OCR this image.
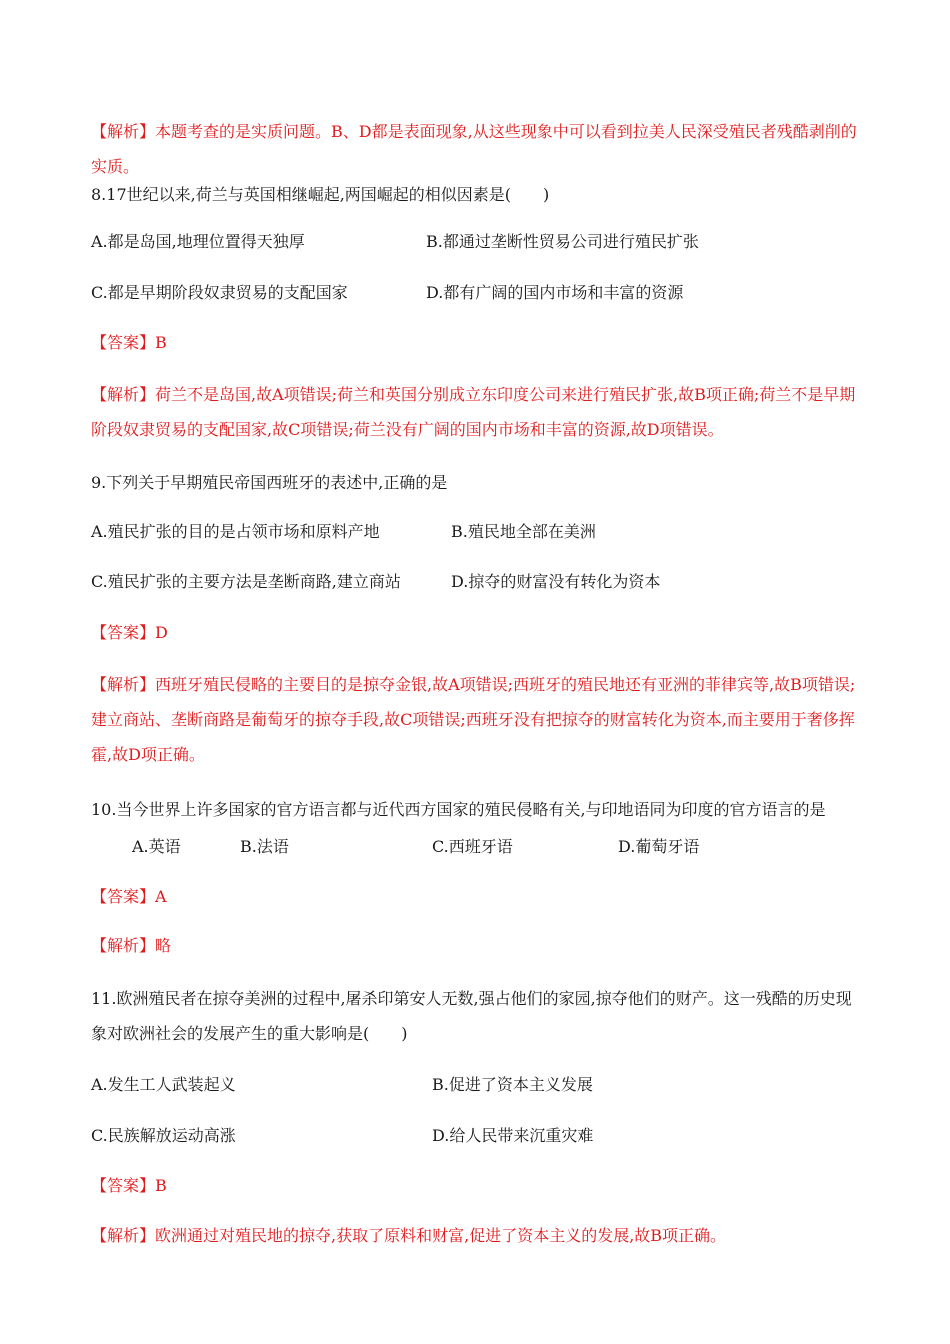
【解析】本题考查的是实质问题。B、D都是表面现象,从这些现象中可以看到拉美人民深受殖民者残酷剥削的实质。
8.17世纪以来,荷兰与英国相继崛起,两国崛起的相似因素是(　　)
A.都是岛国,地理位置得天独厚	B.都通过垄断性贸易公司进行殖民扩张
C.都是早期阶段奴隶贸易的支配国家	D.都有广阔的国内市场和丰富的资源
【答案】B
【解析】荷兰不是岛国,故A项错误;荷兰和英国分别成立东印度公司来进行殖民扩张,故B项正确;荷兰不是早期阶段奴隶贸易的支配国家,故C项错误;荷兰没有广阔的国内市场和丰富的资源,故D项错误。
9.下列关于早期殖民帝国西班牙的表述中,正确的是
A.殖民扩张的目的是占领市场和原料产地	B.殖民地全部在美洲
C.殖民扩张的主要方法是垄断商路,建立商站	D.掠夺的财富没有转化为资本
【答案】D
【解析】西班牙殖民侵略的主要目的是掠夺金银,故A项错误;西班牙的殖民地还有亚洲的菲律宾等,故B项错误;建立商站、垄断商路是葡萄牙的掠夺手段,故C项错误;西班牙没有把掠夺的财富转化为资本,而主要用于奢侈挥霍,故D项正确。
10.当今世界上许多国家的官方语言都与近代西方国家的殖民侵略有关,与印地语同为印度的官方语言的是
A.英语	B.法语	C.西班牙语	D.葡萄牙语
【答案】A
【解析】略
11.欧洲殖民者在掠夺美洲的过程中,屠杀印第安人无数,强占他们的家园,掠夺他们的财产。这一残酷的历史现象对欧洲社会的发展产生的重大影响是(　　)
A.发生工人武装起义	B.促进了资本主义发展
C.民族解放运动高涨	D.给人民带来沉重灾难
【答案】B
【解析】欧洲通过对殖民地的掠夺,获取了原料和财富,促进了资本主义的发展,故B项正确。
